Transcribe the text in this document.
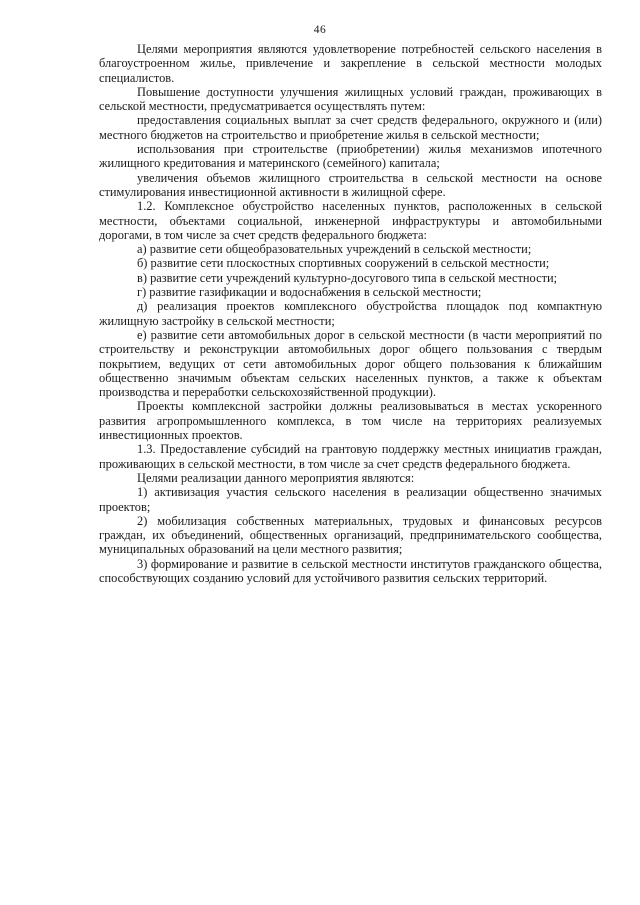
46

Целями мероприятия являются удовлетворение потребностей сельского населения в благоустроенном жилье, привлечение и закрепление в сельской местности молодых специалистов.

Повышение доступности улучшения жилищных условий граждан, проживающих в сельской местности, предусматривается осуществлять путем:

предоставления социальных выплат за счет средств федерального, окружного и (или) местного бюджетов на строительство и приобретение жилья в сельской местности;

использования при строительстве (приобретении) жилья механизмов ипотечного жилищного кредитования и материнского (семейного) капитала;

увеличения объемов жилищного строительства в сельской местности на основе стимулирования инвестиционной активности в жилищной сфере.

1.2. Комплексное обустройство населенных пунктов, расположенных в сельской местности, объектами социальной, инженерной инфраструктуры и автомобильными дорогами, в том числе за счет средств федерального бюджета:

а) развитие сети общеобразовательных учреждений в сельской местности;

б) развитие сети плоскостных спортивных сооружений в сельской местности;

в) развитие сети учреждений культурно-досугового типа в сельской местности;

г) развитие газификации и водоснабжения в сельской местности;

д) реализация проектов комплексного обустройства площадок под компактную жилищную застройку в сельской местности;

е) развитие сети автомобильных дорог в сельской местности (в части мероприятий по строительству и реконструкции автомобильных дорог общего пользования с твердым покрытием, ведущих от сети автомобильных дорог общего пользования к ближайшим общественно значимым объектам сельских населенных пунктов, а также к объектам производства и переработки сельскохозяйственной продукции).

Проекты комплексной застройки должны реализовываться в местах ускоренного развития агропромышленного комплекса, в том числе на территориях реализуемых инвестиционных проектов.

1.3. Предоставление субсидий на грантовую поддержку местных инициатив граждан, проживающих в сельской местности, в том числе за счет средств федерального бюджета.

Целями реализации данного мероприятия являются:

1) активизация участия сельского населения в реализации общественно значимых проектов;

2) мобилизация собственных материальных, трудовых и финансовых ресурсов граждан, их объединений, общественных организаций, предпринимательского сообщества, муниципальных образований на цели местного развития;

3) формирование и развитие в сельской местности институтов гражданского общества, способствующих созданию условий для устойчивого развития сельских территорий.
